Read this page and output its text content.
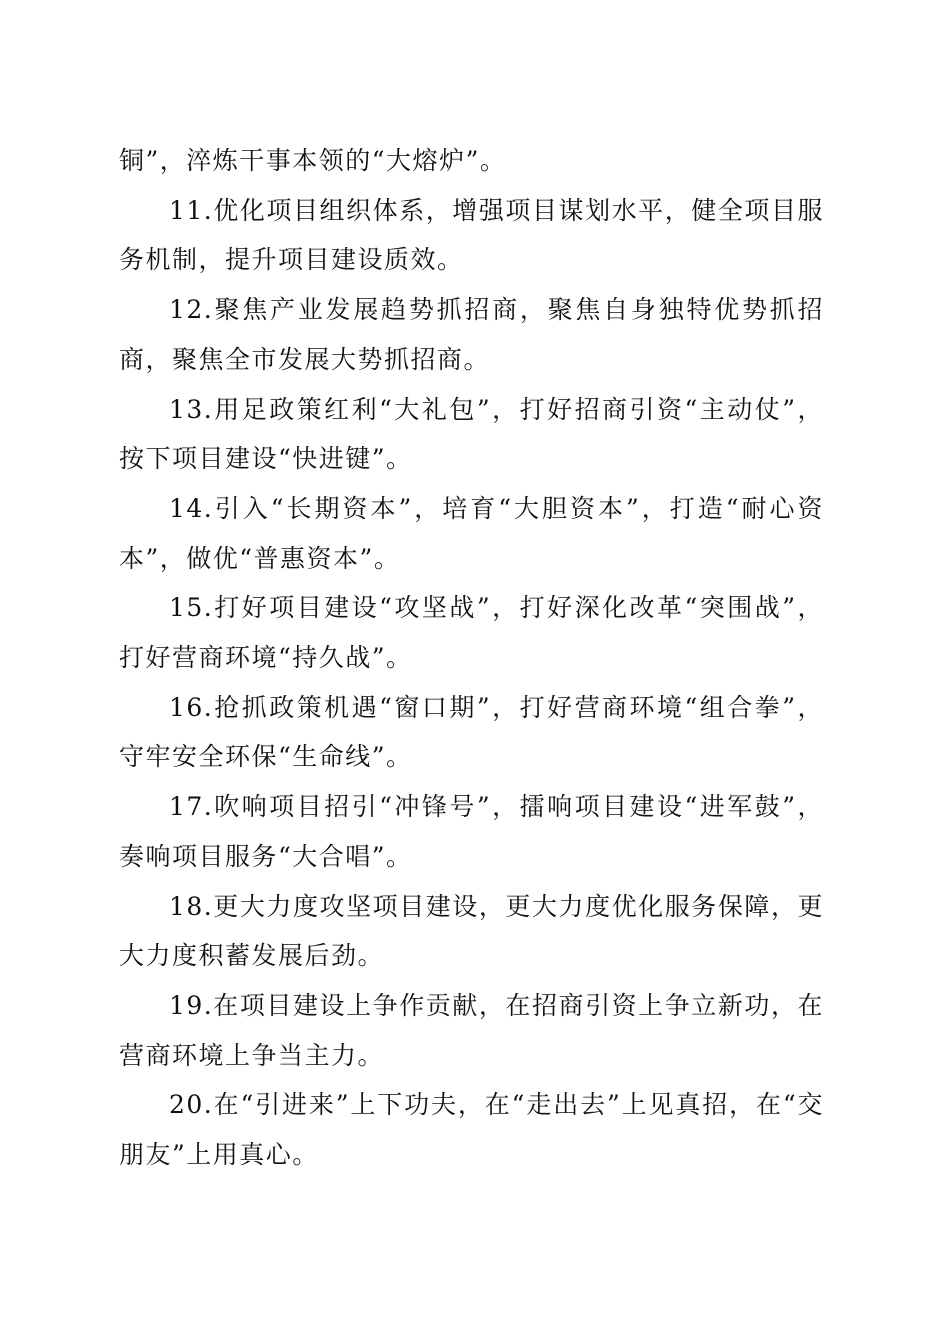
铜”，淬炼干事本领的“大熔炉”。

11.优化项目组织体系，增强项目谋划水平，健全项目服务机制，提升项目建设质效。

12.聚焦产业发展趋势抓招商，聚焦自身独特优势抓招商，聚焦全市发展大势抓招商。

13.用足政策红利“大礼包”，打好招商引资“主动仗”，按下项目建设“快进键”。

14.引入“长期资本”，培育“大胆资本”，打造“耐心资本”，做优“普惠资本”。

15.打好项目建设“攻坚战”，打好深化改革“突围战”，打好营商环境“持久战”。

16.抢抓政策机遇“窗口期”，打好营商环境“组合拳”，守牢安全环保“生命线”。

17.吹响项目招引“冲锋号”，擂响项目建设“进军鼓”，奏响项目服务“大合唱”。

18.更大力度攻坚项目建设，更大力度优化服务保障，更大力度积蓄发展后劲。

19.在项目建设上争作贡献，在招商引资上争立新功，在营商环境上争当主力。

20.在“引进来”上下功夫，在“走出去”上见真招，在“交朋友”上用真心。
